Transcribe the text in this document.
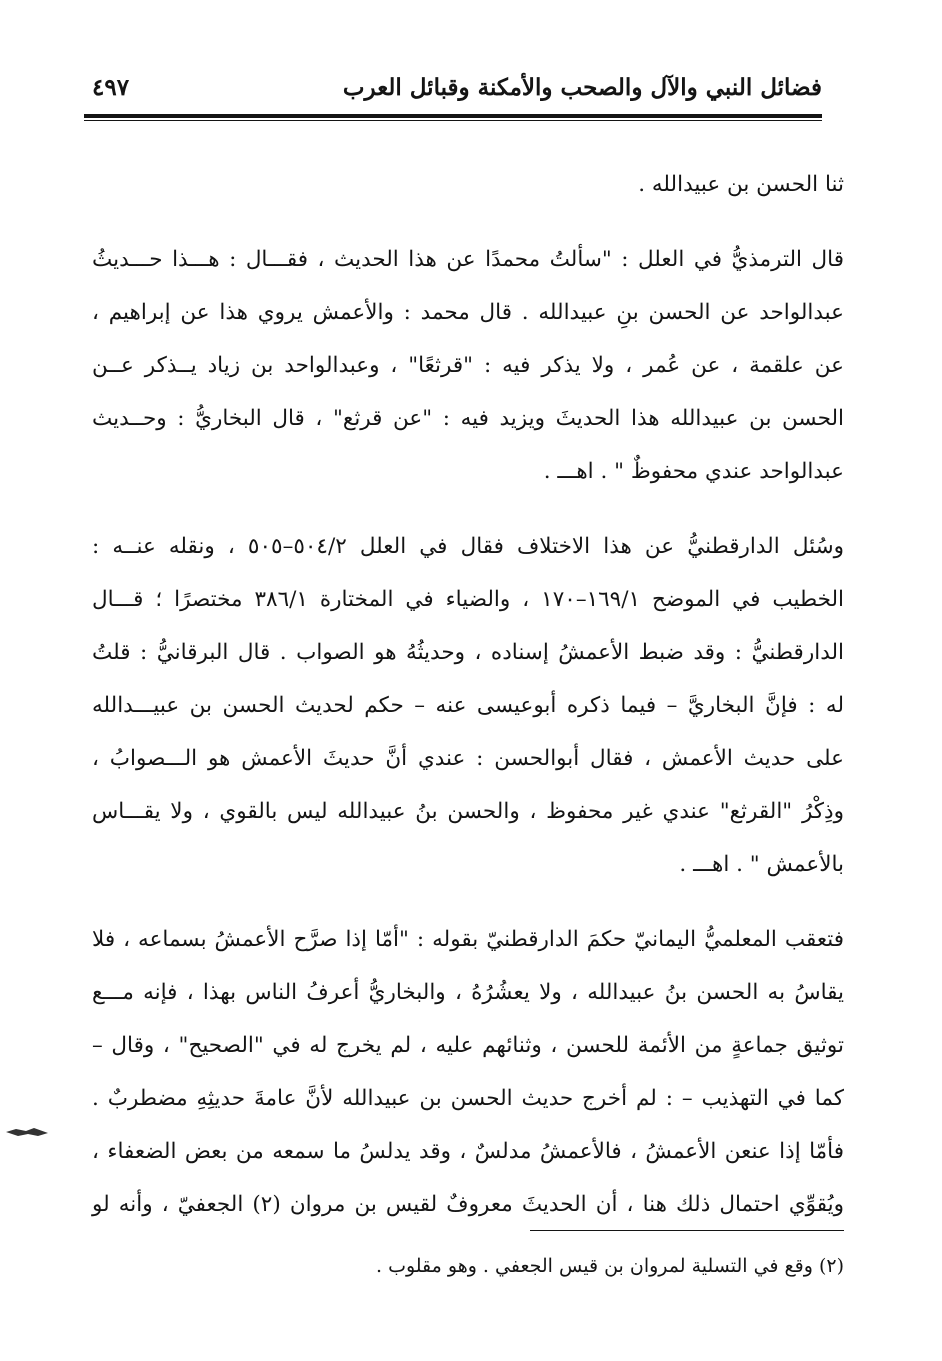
فضائل النبي والآل والصحب والأمكنة وقبائل العرب
٤٩٧
ثنا الحسن بن عبيدالله .
قال الترمذيُّ في العلل : "سألتُ محمدًا عن هذا الحديث ، فقـــال : هـــذا حـــديثُ
عبدالواحد عن الحسن بنِ عبيدالله . قال محمد : والأعمش يروي هذا عن إبراهيم ،
عن علقمة ، عن عُمر ، ولا يذكر فيه : "قرثعًا" ، وعبدالواحد بن زياد يــذكر عــن
الحسن بن عبيدالله هذا الحديثَ ويزيد فيه : "عن قرثع" ، قال البخاريُّ : وحــديث
عبدالواحد عندي محفوظٌ " . اهـــ .
وسُئل الدارقطنيُّ عن هذا الاختلاف فقال في العلل ٥٠٤/٢–٥٠٥ ، ونقله عنــه :
الخطيب في الموضح ١٦٩/١–١٧٠ ، والضياء في المختارة ٣٨٦/١ مختصرًا ؛ قـــال
الدارقطنيُّ : وقد ضبط الأعمشُ إسناده ، وحديثُهُ هو الصواب . قال البرقانيُّ : قلتُ
له : فإنَّ البخاريَّ – فيما ذكره أبوعيسى عنه – حكم لحديث الحسن بن عبيـــدالله
على حديث الأعمش ، فقال أبوالحسن : عندي أنَّ حديثَ الأعمش هو الـــصوابُ ،
وذِكْرُ "القرثع" عندي غير محفوظ ، والحسن بنُ عبيدالله ليس بالقوي ، ولا يقـــاس
بالأعمش " . اهـــ .
فتعقب المعلميُّ اليمانيّ حكمَ الدارقطنيّ بقوله : "أمّا إذا صرَّح الأعمشُ بسماعه ، فلا
يقاسُ به الحسن بنُ عبيدالله ، ولا يعشُرُهُ ، والبخاريُّ أعرفُ الناس بهذا ، فإنه مـــع
توثيق جماعةٍ من الأئمة للحسن ، وثنائهم عليه ، لم يخرج له في "الصحيح" ، وقال –
كما في التهذيب – : لم أخرج حديث الحسن بن عبيدالله لأنَّ عامةَ حديثِهِ مضطربٌ .
فأمّا إذا عنعن الأعمشُ ، فالأعمشُ مدلسٌ ، وقد يدلسُ ما سمعه من بعض الضعفاء ،
ويُقوِّي احتمال ذلك هنا ، أن الحديثَ معروفٌ لقيس بن مروان (٢) الجعفيّ ، وأنه لو
(٢) وقع في التسلية لمروان بن قيس الجعفي . وهو مقلوب .
